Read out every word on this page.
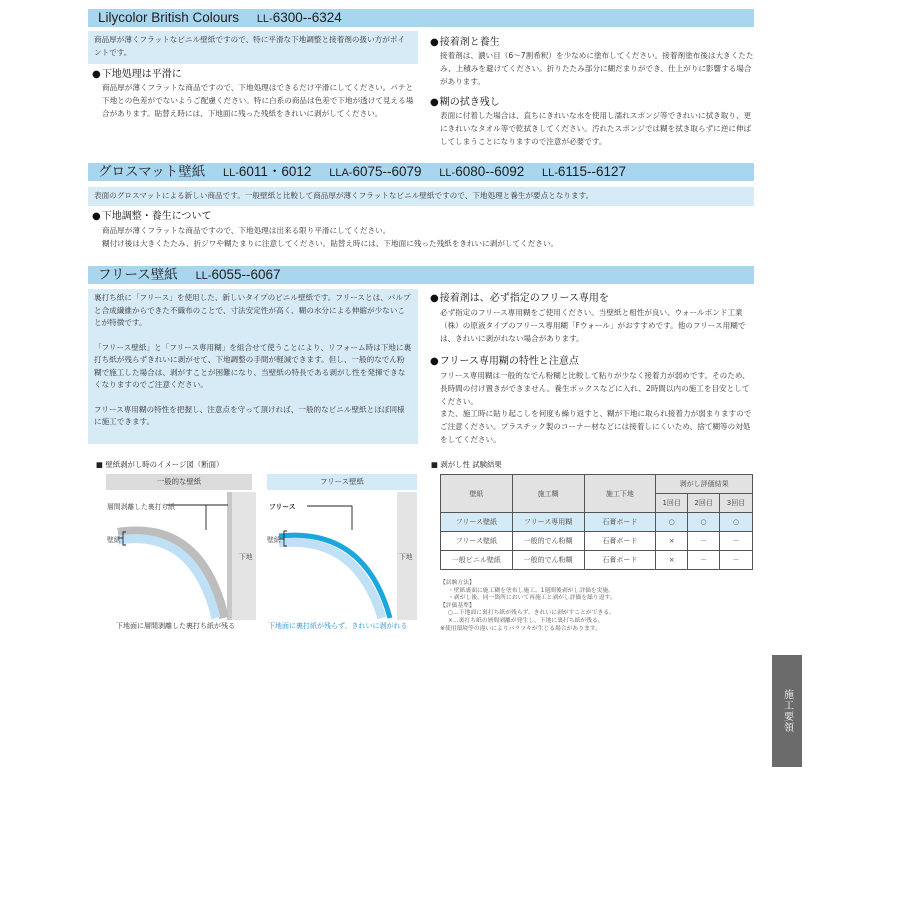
Lilycolor British Colours LL-6300--6324
商品厚が薄くフラットなビニル壁紙ですので、特に平滑な下地調整と接着剤の扱い方がポイントです。
●下地処理は平滑に
商品厚が薄くフラットな商品ですので、下地処理はできるだけ平滑にしてください。パテと下地との色差がでないようご配慮ください。特に白系の商品は色差で下地が透けて見える場合があります。貼替え時には、下地面に残った残紙をきれいに剥がしてください。
●接着剤と養生
接着剤は、濃い目（6～7割希釈）を少なめに塗布してください。接着剤塗布後は大きくたたみ、上積みを避けてください。折りたたみ部分に糊だまりができ、仕上がりに影響する場合があります。
●糊の拭き残し
表面に付着した場合は、直ちにきれいな水を使用し濡れスポンジ等できれいに拭き取り、更にきれいなタオル等で乾拭きしてください。汚れたスポンジでは糊を拭き取らずに逆に伸ばしてしまうことになりますので注意が必要です。
グロスマット壁紙 LL-6011・6012 LLA-6075--6079 LL-6080--6092 LL-6115--6127
表面のグロスマットによる新しい商品です。一般壁紙と比較して商品厚が薄くフラットなビニル壁紙ですので、下地処理と養生が要点となります。
●下地調整・養生について
商品厚が薄くフラットな商品ですので、下地処理は出来る限り平滑にしてください。
糊付け後は大きくたたみ、折ジワや糊たまりに注意してください。貼替え時には、下地面に残った残紙をきれいに剥がしてください。
フリース壁紙 LL-6055--6067
裏打ち紙に「フリース」を使用した、新しいタイプのビニル壁紙です。フリースとは、パルプと合成繊維からできた不織布のことで、寸法安定性が高く、糊の水分による伸縮が少ないことが特徴です。
「フリース壁紙」と「フリース専用糊」を組合せて使うことにより、リフォーム時は下地に裏打ち紙が残らずきれいに剥がせて、下地調整の手間が軽減できます。但し、一般的なでん粉糊で施工した場合は、剥がすことが困難になり、当壁紙の特長である剥がし性を発揮できなくなりますのでご注意ください。
フリース専用糊の特性を把握し、注意点を守って頂ければ、一般的なビニル壁紙とほぼ同様に施工できます。
●接着剤は、必ず指定のフリース専用を
必ず指定のフリース専用糊をご使用ください。当壁紙と相性が良い、ウォールボンド工業（株）の原液タイプのフリース専用糊「Fウォール」がおすすめです。他のフリース用糊では、きれいに剥がれない場合があります。
●フリース専用糊の特性と注意点
フリース専用糊は一般的なでん粉糊と比較して粘りが少なく接着力が弱めです。そのため、長時間の付け置きができません。養生ボックスなどに入れ、2時間以内の施工を目安としてください。
また、施工時に貼り起こしを何度も繰り返すと、糊が下地に取られ接着力が弱まりますのでご注意ください。プラスチック製のコーナー材などには接着しにくいため、捨て糊等の対処をしてください。
■ 壁紙剥がし時のイメージ図（断面）
一般的な壁紙
層間剥離した裏打ち紙
壁紙
下地
下地面に層間剥離した裏打ち紙が残る
フリース壁紙
フリース
壁紙
下地
下地面に裏打紙が残らず、きれいに剥がれる
■ 剥がし性 試験結果
壁紙	施工糊	施工下地	剥がし評価結果		
			1回目	2回目	3回目
フリース壁紙	フリース専用糊	石膏ボード	○	○	○
フリース壁紙	一般的でん粉糊	石膏ボード	×	－	－
一般ビニル壁紙	一般的でん粉糊	石膏ボード	×	－	－
【試験方法】
・壁紙裏面に施工糊を塗布し施工。1週間後剥がし評価を実施。
・剥がし後、同一箇所において再施工と剥がし評価を繰り返す。
【評価基準】
○…下地面に裏打ち紙が残らず、きれいに剥がすことができる。
×…裏打ち紙の層間剥離が発生し、下地に裏打ち紙が残る。
※使用環境等の違いによりバラツキが生じる場合があります。
施工要領
